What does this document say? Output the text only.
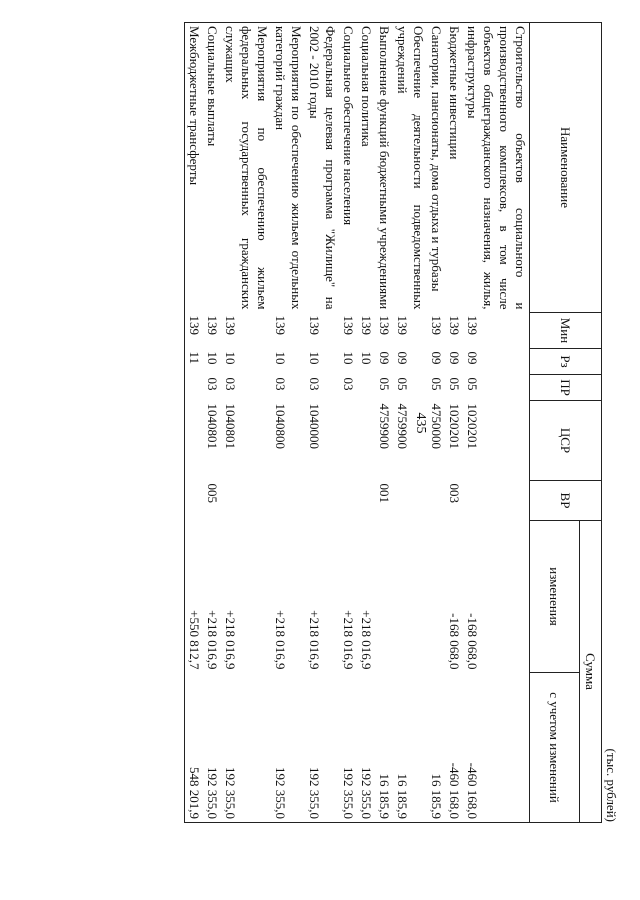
435
(тыс. рублей)
Наименование	Мин	Рз	ПР	ЦСР	ВР	Сумма	
						изменения	с учетом изменений
Строительство объектов социального и производственного комплексов, в том числе объектов общегражданского назначения, жилья, инфраструктуры	139	09	05	1020201		-168 068,0	-460 168,0
Бюджетные инвестиции	139	09	05	1020201	003	-168 068,0	-460 168,0
Санатории, пансионаты, дома отдыха и турбазы	139	09	05	4750000			16 185,9
Обеспечение деятельности подведомственных учреждений	139	09	05	4759900			16 185,9
Выполнение функций бюджетными учреждениями	139	09	05	4759900	001		16 185,9
Социальная политика	139	10				+218 016,9	192 355,0
Социальное обеспечение населения	139	10	03			+218 016,9	192 355,0
Федеральная целевая программа "Жилище" на 2002 - 2010 годы	139	10	03	1040000		+218 016,9	192 355,0
Мероприятия по обеспечению жильем отдельных категорий граждан	139	10	03	1040800		+218 016,9	192 355,0
Мероприятия по обеспечению жильем федеральных государственных гражданских служащих	139	10	03	1040801		+218 016,9	192 355,0
Социальные выплаты	139	10	03	1040801	005	+218 016,9	192 355,0
Межбюджетные трансферты	139	11				+550 812,7	548 201,9
